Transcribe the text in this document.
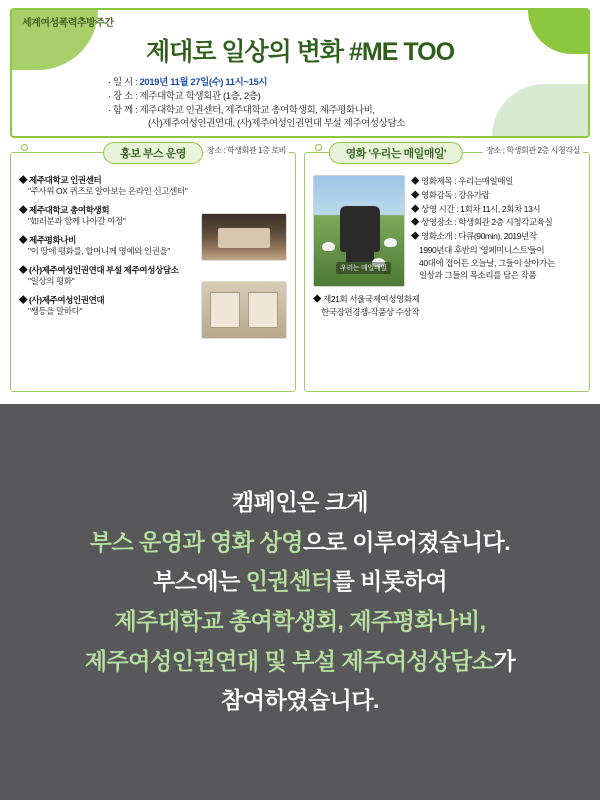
세계여성폭력추방주간
제대로 일상의 변화 #ME TOO
· 일 시 : 2019년 11월 27일(수) 11시~15시
· 장 소 : 제주대학교 학생회관 (1층, 2층)
· 함 께 : 제주대학교 인권센터, 제주대학교 총여학생회, 제주평화나비,
(사)제주여성인권연대, (사)제주여성인권연대 부설 제주여성상담소
홍보 부스 운영	장소 : 학생회관 1층 로비
◆ 제주대학교 인권센터
"주사위 OX 퀴즈로 알아보는 온라인 신고센터"
◆ 제주대학교 총여학생회
"如러분과 함께 나아갈 여정"
◆ 제주평화나비
"이 땅에 평화를, 할머니께 명예와 인권을"
◆ (사)제주여성인권연대 부설 제주여성상담소
"일상의 평화"
◆ (사)제주여성인권연대
"쌩등을 말하다"
영화 '우리는 매일매일'	장소 : 학생회관 2층 시청각실
우리는 매일매일
◆ 영화제목 : 우리는매일매일
◆ 영화감독 : 강유가람
◆ 상영 시간 : 1회차 11시, 2회차 13시
◆ 상영장소 : 학생회관 2층 시청각교육실
◆ 영화소개 : 다큐(90min), 2019년작
1990년대 후반의 '영페미니스트'들이
40대에 접어든 오늘날, 그들이 살아가는
일상과 그들의 목소리를 담은 작품
◆ 제21회 서울국제여성영화제
한국장편경쟁-작품상 수상작
캠페인은 크게
부스 운영과 영화 상영으로 이루어졌습니다.
부스에는 인권센터를 비롯하여
제주대학교 총여학생회, 제주평화나비,
제주여성인권연대 및 부설 제주여성상담소가
참여하였습니다.
